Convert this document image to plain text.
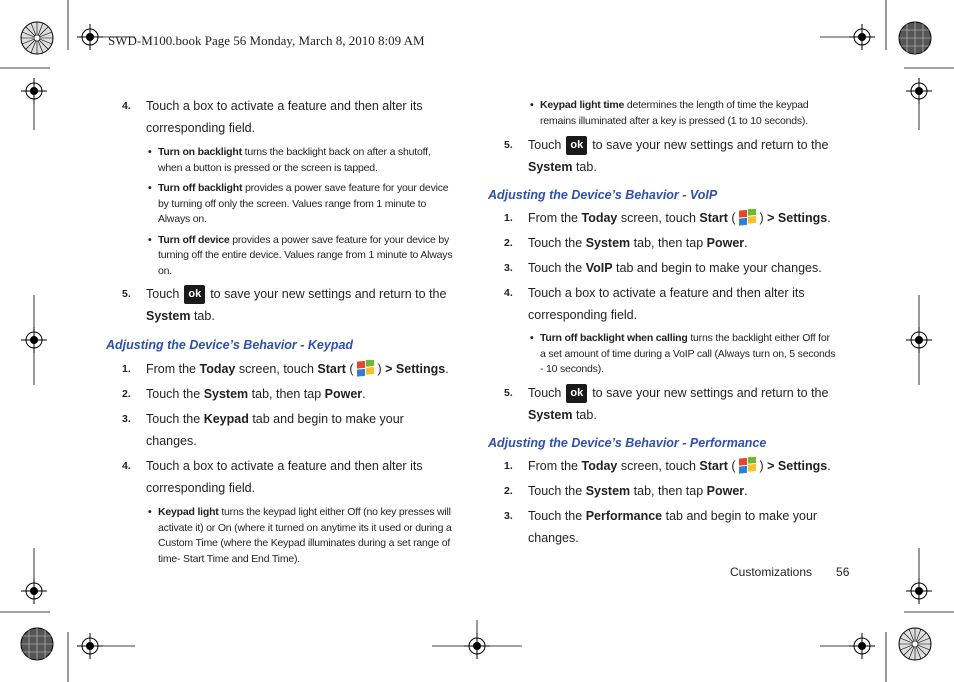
SWD-M100.book Page 56 Monday, March 8, 2010 8:09 AM
4. Touch a box to activate a feature and then alter its corresponding field.
• Turn on backlight turns the backlight back on after a shutoff, when a button is pressed or the screen is tapped.
• Turn off backlight provides a power save feature for your device by turning off only the screen. Values range from 1 minute to Always on.
• Turn off device provides a power save feature for your device by turning off the entire device. Values range from 1 minute to Always on.
5. Touch ok to save your new settings and return to the System tab.
Adjusting the Device’s Behavior - Keypad
1. From the Today screen, touch Start ( ) > Settings.
2. Touch the System tab, then tap Power.
3. Touch the Keypad tab and begin to make your changes.
4. Touch a box to activate a feature and then alter its corresponding field.
• Keypad light turns the keypad light either Off (no key presses will activate it) or On (where it turned on anytime its it used or during a Custom Time (where the Keypad illuminates during a set range of time- Start Time and End Time).
• Keypad light time determines the length of time the keypad remains illuminated after a key is pressed (1 to 10 seconds).
5. Touch ok to save your new settings and return to the System tab.
Adjusting the Device’s Behavior - VoIP
1. From the Today screen, touch Start ( ) > Settings.
2. Touch the System tab, then tap Power.
3. Touch the VoIP tab and begin to make your changes.
4. Touch a box to activate a feature and then alter its corresponding field.
• Turn off backlight when calling turns the backlight either Off for a set amount of time during a VoIP call (Always turn on, 5 seconds - 10 seconds).
5. Touch ok to save your new settings and return to the System tab.
Adjusting the Device’s Behavior - Performance
1. From the Today screen, touch Start ( ) > Settings.
2. Touch the System tab, then tap Power.
3. Touch the Performance tab and begin to make your changes.
Customizations 56
